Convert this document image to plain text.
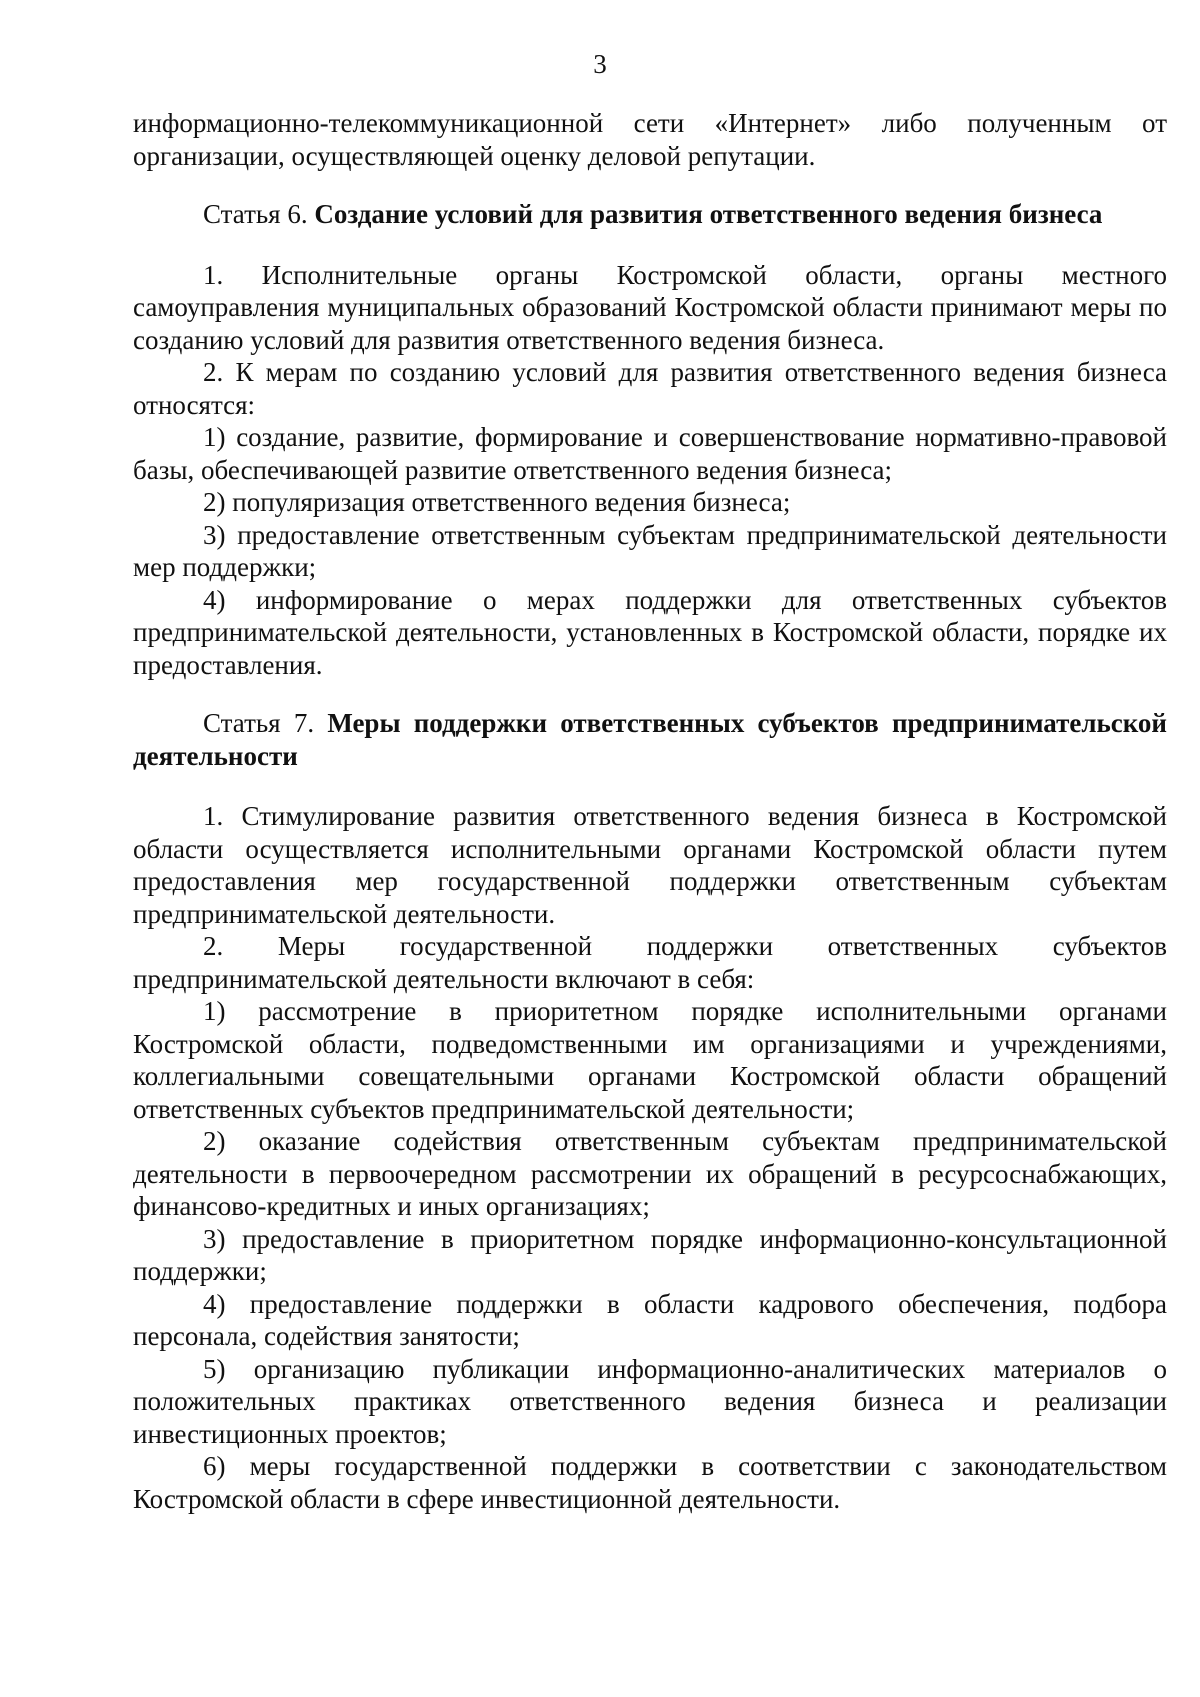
3

информационно-телекоммуникационной сети «Интернет» либо полученным от организации, осуществляющей оценку деловой репутации.

Статья 6. Создание условий для развития ответственного ведения бизнеса

1. Исполнительные органы Костромской области, органы местного самоуправления муниципальных образований Костромской области принимают меры по созданию условий для развития ответственного ведения бизнеса.

2. К мерам по созданию условий для развития ответственного ведения бизнеса относятся:

1) создание, развитие, формирование и совершенствование нормативно-правовой базы, обеспечивающей развитие ответственного ведения бизнеса;

2) популяризация ответственного ведения бизнеса;

3) предоставление ответственным субъектам предпринимательской деятельности мер поддержки;

4) информирование о мерах поддержки для ответственных субъектов предпринимательской деятельности, установленных в Костромской области, порядке их предоставления.

Статья 7. Меры поддержки ответственных субъектов предпринимательской деятельности

1. Стимулирование развития ответственного ведения бизнеса в Костромской области осуществляется исполнительными органами Костромской области путем предоставления мер государственной поддержки ответственным субъектам предпринимательской деятельности.

2. Меры государственной поддержки ответственных субъектов предпринимательской деятельности включают в себя:

1) рассмотрение в приоритетном порядке исполнительными органами Костромской области, подведомственными им организациями и учреждениями, коллегиальными совещательными органами Костромской области обращений ответственных субъектов предпринимательской деятельности;

2) оказание содействия ответственным субъектам предпринимательской деятельности в первоочередном рассмотрении их обращений в ресурсоснабжающих, финансово-кредитных и иных организациях;

3) предоставление в приоритетном порядке информационно-консультационной поддержки;

4) предоставление поддержки в области кадрового обеспечения, подбора персонала, содействия занятости;

5) организацию публикации информационно-аналитических материалов о положительных практиках ответственного ведения бизнеса и реализации инвестиционных проектов;

6) меры государственной поддержки в соответствии с законодательством Костромской области в сфере инвестиционной деятельности.
